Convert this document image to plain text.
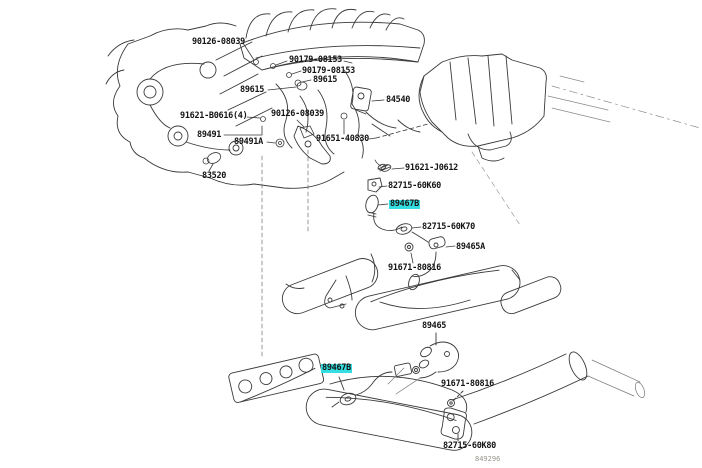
90126-08039
90179-08153
90179-08153
89615
89615
84540
91621-B0616(4)	90126-08039
89491
89491A	91651-40830
83520
91621-J0612
82715-60K60
89467B
82715-60K70
89465A
91671-80816
89465
89467B
91671-80816
82715-60K80
849296
